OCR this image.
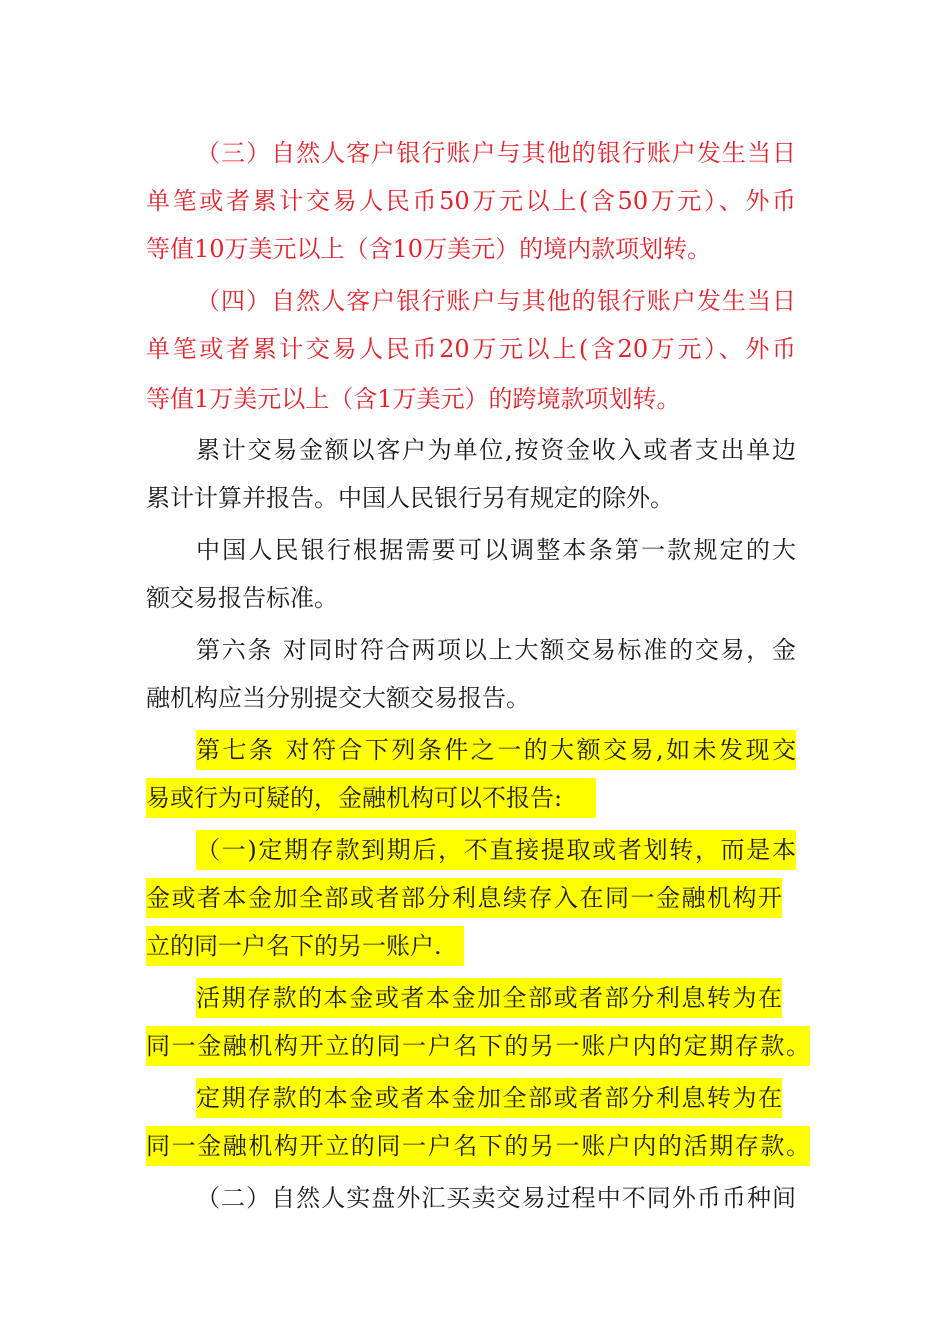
（三）自然人客户银行账户与其他的银行账户发生当日
单笔或者累计交易人民币50万元以上(含50万元）、外币
等值10万美元以上（含10万美元）的境内款项划转。
（四）自然人客户银行账户与其他的银行账户发生当日
单笔或者累计交易人民币20万元以上(含20万元）、外币
等值1万美元以上（含1万美元）的跨境款项划转。
累计交易金额以客户为单位,按资金收入或者支出单边
累计计算并报告。中国人民银行另有规定的除外。
中国人民银行根据需要可以调整本条第一款规定的大
额交易报告标准。
第六条 对同时符合两项以上大额交易标准的交易，金
融机构应当分别提交大额交易报告。
第七条 对符合下列条件之一的大额交易,如未发现交
易或行为可疑的，金融机构可以不报告:
（一)定期存款到期后，不直接提取或者划转，而是本
金或者本金加全部或者部分利息续存入在同一金融机构开
立的同一户名下的另一账户.
活期存款的本金或者本金加全部或者部分利息转为在
同一金融机构开立的同一户名下的另一账户内的定期存款。
定期存款的本金或者本金加全部或者部分利息转为在
同一金融机构开立的同一户名下的另一账户内的活期存款。
（二）自然人实盘外汇买卖交易过程中不同外币币种间
